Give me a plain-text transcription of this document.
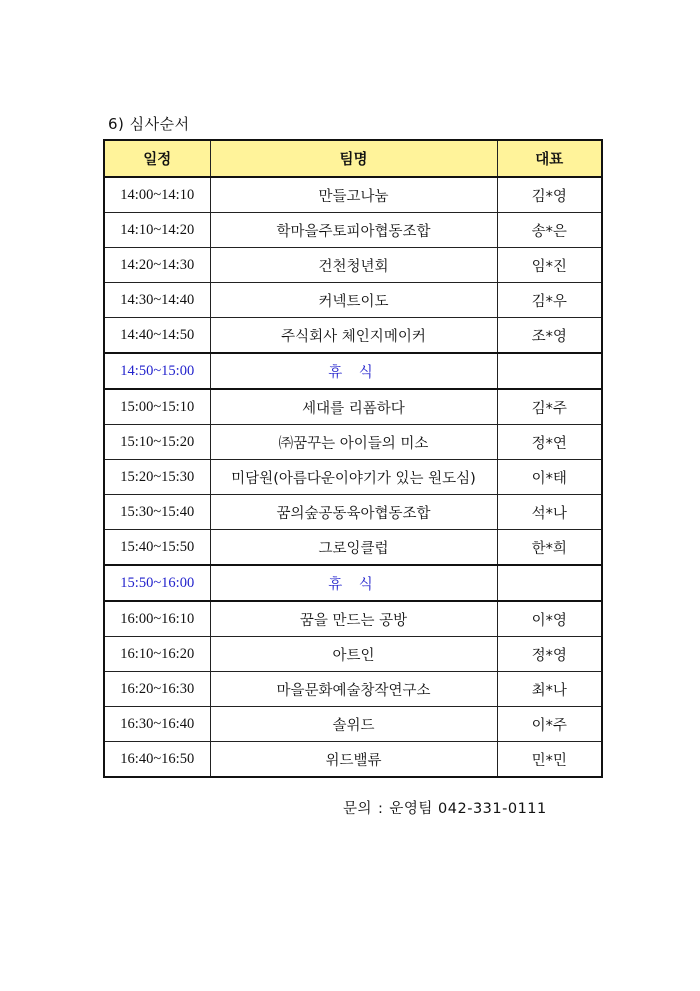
6) 심사순서
일정	팀명	대표
14:00~14:10	만들고나눔	김*영
14:10~14:20	학마을주토피아협동조합	송*은
14:20~14:30	건천청년회	임*진
14:30~14:40	커넥트이도	김*우
14:40~14:50	주식회사 체인지메이커	조*영
14:50~15:00	휴 식	
15:00~15:10	세대를 리폼하다	김*주
15:10~15:20	㈜꿈꾸는 아이들의 미소	정*연
15:20~15:30	미담원(아름다운이야기가 있는 원도심)	이*태
15:30~15:40	꿈의숲공동육아협동조합	석*나
15:40~15:50	그로잉클럽	한*희
15:50~16:00	휴 식	
16:00~16:10	꿈을 만드는 공방	이*영
16:10~16:20	아트인	정*영
16:20~16:30	마을문화예술창작연구소	최*나
16:30~16:40	솔위드	이*주
16:40~16:50	위드밸류	민*민
문의 : 운영팀 042-331-0111
